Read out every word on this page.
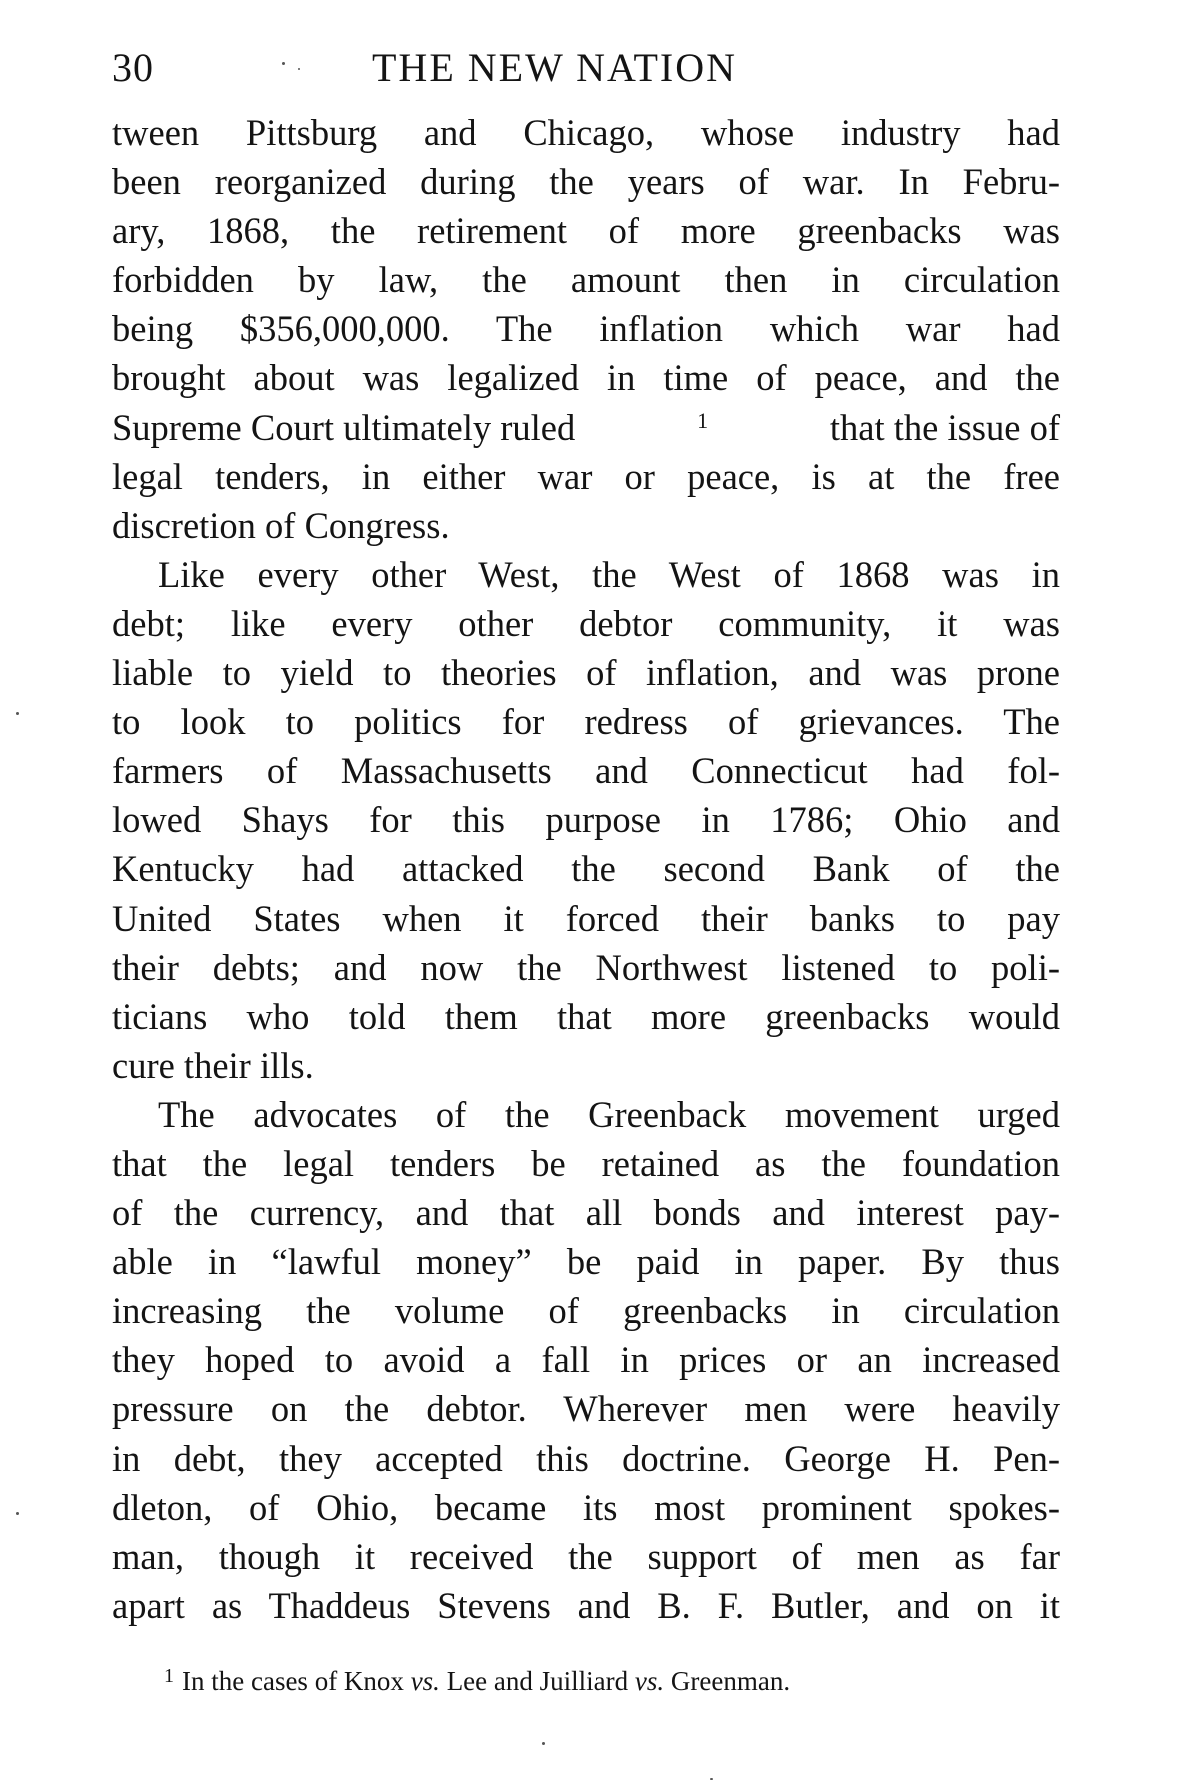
30	THE NEW NATION

tween Pittsburg and Chicago, whose industry had
been reorganized during the years of war. In Febru-
ary, 1868, the retirement of more greenbacks was
forbidden by law, the amount then in circulation
being $356,000,000. The inflation which war had
brought about was legalized in time of peace, and the
Supreme Court ultimately ruled	$^1$	that the issue of
legal tenders, in either war or peace, is at the free
discretion of Congress.

Like every other West, the West of 1868 was in
debt; like every other debtor community, it was
liable to yield to theories of inflation, and was prone
to look to politics for redress of grievances. The
farmers of Massachusetts and Connecticut had fol-
lowed Shays for this purpose in 1786; Ohio and
Kentucky had attacked the second Bank of the
United States when it forced their banks to pay
their debts; and now the Northwest listened to poli-
ticians who told them that more greenbacks would
cure their ills.

The advocates of the Greenback movement urged
that the legal tenders be retained as the foundation
of the currency, and that all bonds and interest pay-
able in “lawful money” be paid in paper. By thus
increasing the volume of greenbacks in circulation
they hoped to avoid a fall in prices or an increased
pressure on the debtor. Wherever men were heavily
in debt, they accepted this doctrine. George H. Pen-
dleton, of Ohio, became its most prominent spokes-
man, though it received the support of men as far
apart as Thaddeus Stevens and B. F. Butler, and on it

$^1$ In the cases of Knox vs. Lee and Juilliard vs. Greenman.
